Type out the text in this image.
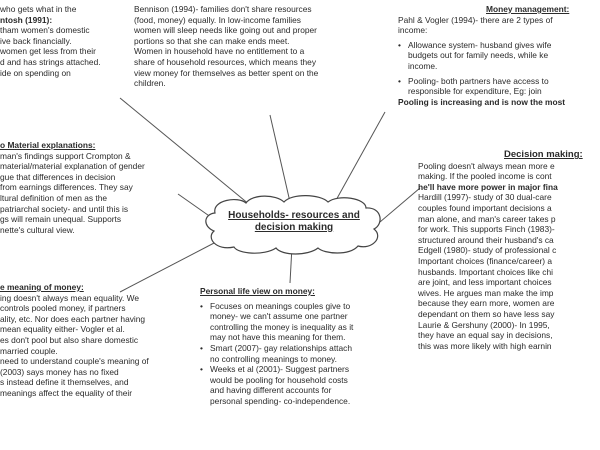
Households- resources and

decision making

who gets what in the

ntosh (1991):

tham women's domestic

ive back financially.

women get less from their

d and has strings attached.

ide on spending on

Bennison (1994)- families don't share resources

(food, money) equally. In low-income families

women will sleep needs like going out and proper

portions so that she can make ends meet.

Women in household have no entitlement to a

share of household resources, which means they

view money for themselves as better spent on the

children.

Money management:

Pahl & Vogler (1994)- there are 2 types of

income:

• Allowance system- husband gives wife

budgets out for family needs, while ke

income.

• Pooling- both partners have access to

responsible for expenditure, Eg: join

Pooling is increasing and is now the most

o Material explanations:

man's findings support Crompton &

material/material explanation of gender

gue that differences in decision

from earnings differences. They say

ltural definition of men as the

patriarchal society- and until this is

gs will remain unequal. Supports

nette's cultural view.

Decision making:

Pooling doesn't always mean more e

making. If the pooled income is cont

he'll have more power in major fina

Hardill (1997)- study of 30 dual-care

couples found important decisions a

man alone, and man's career takes p

for work. This supports Finch (1983)-

structured around their husband's ca

Edgell (1980)- study of professional c

Important choices (finance/career) a

husbands. Important choices like chi

are joint, and less important choices

wives. He argues man make the imp

because they earn more, women are

dependant on them so have less say

Laurie & Gershuny (2000)- In 1995,

they have an equal say in decisions,

this was more likely with high earnin

e meaning of money:

ing doesn't always mean equality. We

controls pooled money, if partners

ality, etc. Nor does each partner having

mean equality either- Vogler et al.

es don't pool but also share domestic

married couple.

need to understand couple's meaning of

(2003) says money has no fixed

s instead define it themselves, and

meanings affect the equality of their

Personal life view on money:

• Focuses on meanings couples give to

money- we can't assume one partner

controlling the money is inequality as it

may not have this meaning for them.

• Smart (2007)- gay relationships attach

no controlling meanings to money.

• Weeks et al (2001)- Suggest partners

would be pooling for household costs

and having different accounts for

personal spending- co-independence.
